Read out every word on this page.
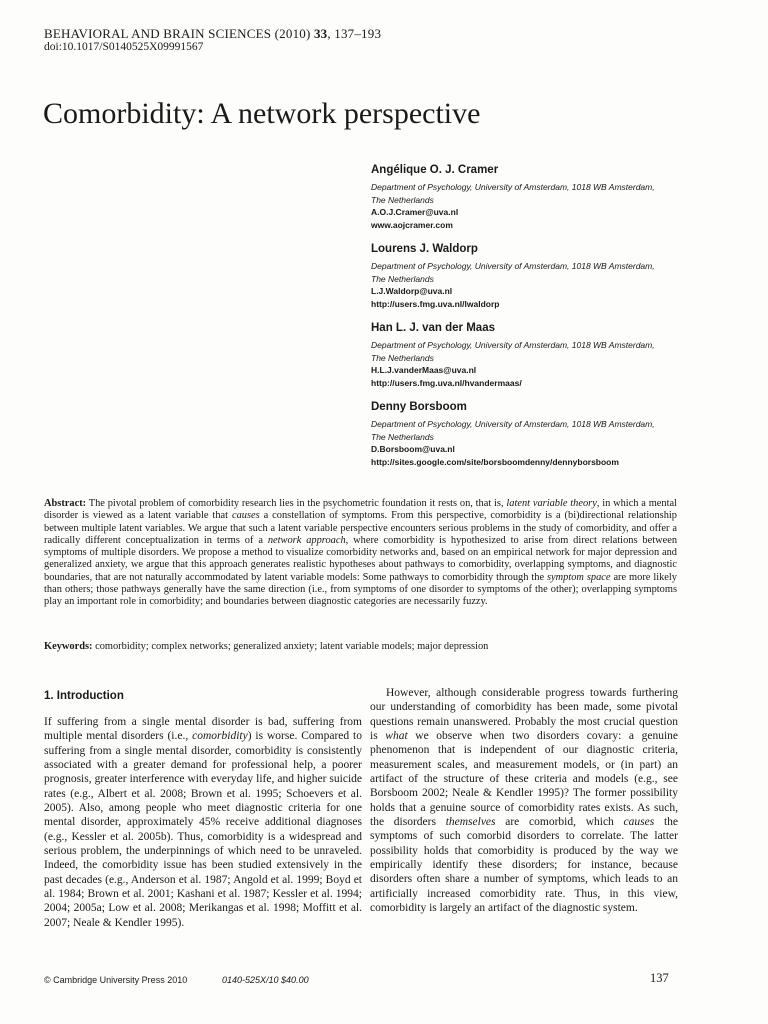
BEHAVIORAL AND BRAIN SCIENCES (2010) 33, 137–193
doi:10.1017/S0140525X09991567
Comorbidity: A network perspective
Angélique O. J. Cramer
Department of Psychology, University of Amsterdam, 1018 WB Amsterdam,
The Netherlands
A.O.J.Cramer@uva.nl
www.aojcramer.com
Lourens J. Waldorp
Department of Psychology, University of Amsterdam, 1018 WB Amsterdam,
The Netherlands
L.J.Waldorp@uva.nl
http://users.fmg.uva.nl/lwaldorp
Han L. J. van der Maas
Department of Psychology, University of Amsterdam, 1018 WB Amsterdam,
The Netherlands
H.L.J.vanderMaas@uva.nl
http://users.fmg.uva.nl/hvandermaas/
Denny Borsboom
Department of Psychology, University of Amsterdam, 1018 WB Amsterdam,
The Netherlands
D.Borsboom@uva.nl
http://sites.google.com/site/borsboomdenny/dennyborsboom

Abstract: The pivotal problem of comorbidity research lies in the psychometric foundation it rests on, that is, latent variable theory, in which a mental disorder is viewed as a latent variable that causes a constellation of symptoms. From this perspective, comorbidity is a (bi)directional relationship between multiple latent variables. We argue that such a latent variable perspective encounters serious problems in the study of comorbidity, and offer a radically different conceptualization in terms of a network approach, where comorbidity is hypothesized to arise from direct relations between symptoms of multiple disorders. We propose a method to visualize comorbidity networks and, based on an empirical network for major depression and generalized anxiety, we argue that this approach generates realistic hypotheses about pathways to comorbidity, overlapping symptoms, and diagnostic boundaries, that are not naturally accommodated by latent variable models: Some pathways to comorbidity through the symptom space are more likely than others; those pathways generally have the same direction (i.e., from symptoms of one disorder to symptoms of the other); overlapping symptoms play an important role in comorbidity; and boundaries between diagnostic categories are necessarily fuzzy.

Keywords: comorbidity; complex networks; generalized anxiety; latent variable models; major depression

1. Introduction

If suffering from a single mental disorder is bad, suffering from multiple mental disorders (i.e., comorbidity) is worse. Compared to suffering from a single mental disorder, comorbidity is consistently associated with a greater demand for professional help, a poorer prognosis, greater interference with everyday life, and higher suicide rates (e.g., Albert et al. 2008; Brown et al. 1995; Schoevers et al. 2005). Also, among people who meet diagnostic criteria for one mental disorder, approximately 45% receive additional diagnoses (e.g., Kessler et al. 2005b). Thus, comorbidity is a widespread and serious problem, the underpinnings of which need to be unraveled. Indeed, the comorbidity issue has been studied extensively in the past decades (e.g., Anderson et al. 1987; Angold et al. 1999; Boyd et al. 1984; Brown et al. 2001; Kashani et al. 1987; Kessler et al. 1994; 2004; 2005a; Low et al. 2008; Merikangas et al. 1998; Moffitt et al. 2007; Neale & Kendler 1995).

However, although considerable progress towards furthering our understanding of comorbidity has been made, some pivotal questions remain unanswered. Probably the most crucial question is what we observe when two disorders covary: a genuine phenomenon that is independent of our diagnostic criteria, measurement scales, and measurement models, or (in part) an artifact of the structure of these criteria and models (e.g., see Borsboom 2002; Neale & Kendler 1995)? The former possibility holds that a genuine source of comorbidity rates exists. As such, the disorders themselves are comorbid, which causes the symptoms of such comorbid disorders to correlate. The latter possibility holds that comorbidity is produced by the way we empirically identify these disorders; for instance, because disorders often share a number of symptoms, which leads to an artificially increased comorbidity rate. Thus, in this view, comorbidity is largely an artifact of the diagnostic system.

© Cambridge University Press 2010	0140-525X/10 $40.00	137
